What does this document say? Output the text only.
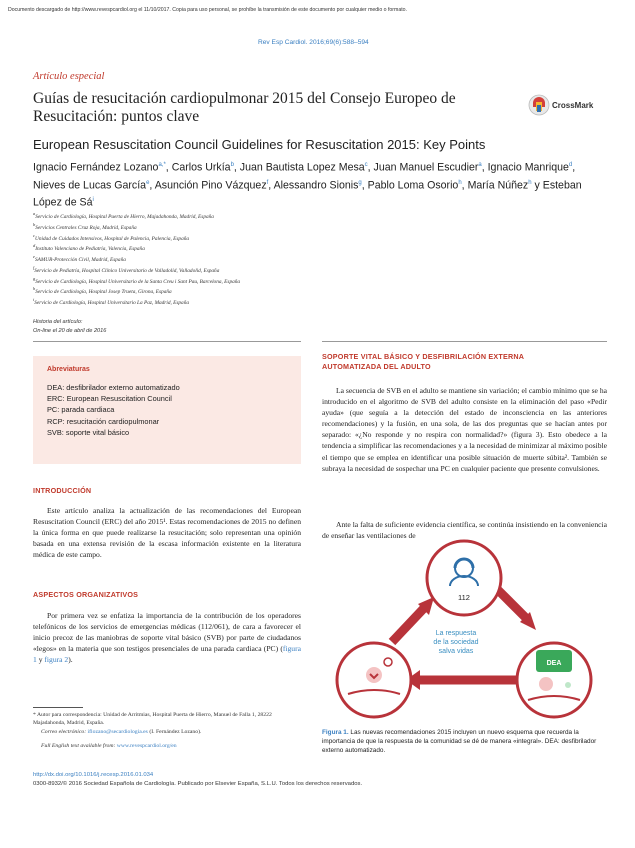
Documento descargado de http://www.revespcardiol.org el 11/10/2017. Copia para uso personal, se prohíbe la transmisión de este documento por cualquier medio o formato.
Rev Esp Cardiol. 2016;69(6):588–594
Artículo especial
Guías de resucitación cardiopulmonar 2015 del Consejo Europeo de Resucitación: puntos clave
CrossMark
European Resuscitation Council Guidelines for Resuscitation 2015: Key Points
Ignacio Fernández Lozano$^{a,*}$, Carlos Urkía$^b$, Juan Bautista Lopez Mesa$^c$, Juan Manuel Escudier$^a$, Ignacio Manrique$^d$, Nieves de Lucas García$^e$, Asunción Pino Vázquez$^f$, Alessandro Sionis$^g$, Pablo Loma Osorio$^h$, María Núñez$^h$ y Esteban López de $Sá^i$
$^a$Servicio de Cardiología, Hospital Puerta de Hierro, Majadahonda, Madrid, España
$^b$Servicios Centrales Cruz Roja, Madrid, España
$^c$Unidad de Cuidados Intensivos, Hospital de Palencia, Palencia, España
$^d$Instituto Valenciano de Pediatría, Valencia, España
$^e$SAMUR-Protección Civil, Madrid, España
$^f$Servicio de Pediatría, Hospital Clínico Universitario de Valladolid, Valladolid, España
$^g$Servicio de Cardiología, Hospital Universitario de la Santa Creu i Sant Pau, Barcelona, España
$^h$Servicio de Cardiología, Hospital Josep Trueta, Girona, España
$^i$Servicio de Cardiología, Hospital Universitario La Paz, Madrid, España
Historia del artículo:
On-line el 20 de abril de 2016
Abreviaturas
DEA: desfibrilador externo automatizado
ERC: European Resuscitation Council
PC: parada cardiaca
RCP: resucitación cardiopulmonar
SVB: soporte vital básico
INTRODUCCIÓN
Este artículo analiza la actualización de las recomendaciones del European Resuscitation Council (ERC) del año 2015¹. Estas recomendaciones de 2015 no definen la única forma en que puede realizarse la resucitación; solo representan una opinión basada en una extensa revisión de la escasa información existente en la literatura médica de este campo.
ASPECTOS ORGANIZATIVOS
Por primera vez se enfatiza la importancia de la contribución de los operadores telefónicos de los servicios de emergencias médicas (112/061), de cara a favorecer el inicio precoz de las maniobras de soporte vital básico (SVB) por parte de ciudadanos «legos» en la materia que son testigos presenciales de una parada cardiaca (PC) (figura 1 y figura 2).
* Autor para correspondencia: Unidad de Arritmias, Hospital Puerta de Hierro, Manuel de Falla 1, 28222 Majadahonda, Madrid, España.
Correo electrónico: iflozano@secardiologia.es (I. Fernández Lozano).
Full English text available from: www.revespcardiol.org/en
http://dx.doi.org/10.1016/j.recesp.2016.01.034
0300-8932/© 2016 Sociedad Española de Cardiología. Publicado por Elsevier España, S.L.U. Todos los derechos reservados.
SOPORTE VITAL BÁSICO Y DESFIBRILACIÓN EXTERNA
AUTOMATIZADA DEL ADULTO
La secuencia de SVB en el adulto se mantiene sin variación; el cambio mínimo que se ha introducido en el algoritmo de SVB del adulto consiste en la eliminación del paso «Pedir ayuda» (que seguía a la detección del estado de inconsciencia en las anteriores recomendaciones) y la fusión, en una sola, de las dos preguntas que se hacían antes por separado: «¿No responde y no respira con normalidad?» (figura 3). Esto obedece a la tendencia a simplificar las recomendaciones y a la necesidad de minimizar al máximo posible el tiempo que se emplea en identificar una posible situación de muerte súbita². También se subraya la necesidad de sospechar una PC en cualquier paciente que presente convulsiones.
Ante la falta de suficiente evidencia científica, se continúa insistiendo en la conveniencia de enseñar las ventilaciones de
112
La respuesta
de la sociedad
salva vidas
DEA
Figura 1. Las nuevas recomendaciones 2015 incluyen un nuevo esquema que recuerda la importancia de que la respuesta de la comunidad se dé de manera «integral». DEA: desfibrilador externo automatizado.
